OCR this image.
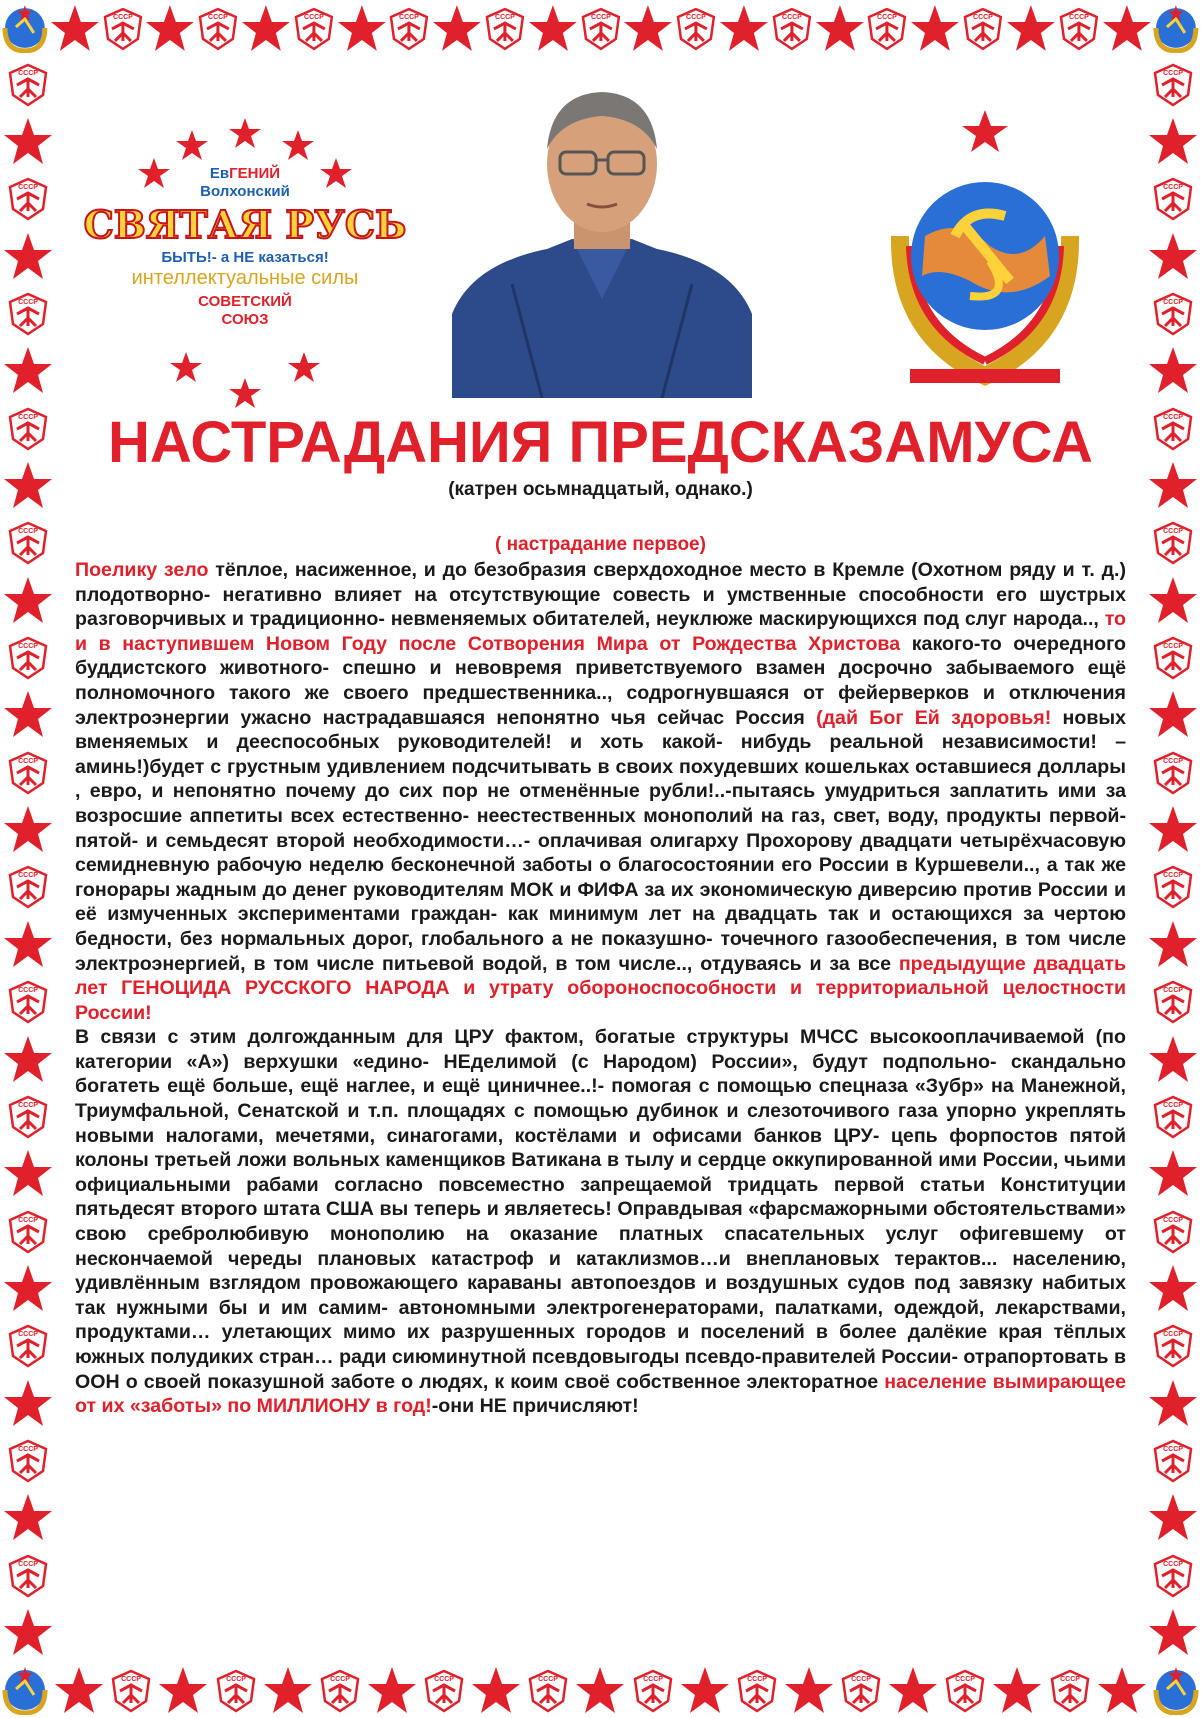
СССР	СССР	СССР	СССР	СССР	СССР	СССР	СССР	СССР	СССР	СССР
СССР	СССР	СССР	СССР	СССР	СССР	СССР	СССР	СССР	СССР
СССР
СССР
СССР
СССР
СССР
СССР
СССР
СССР
СССР
СССР
СССР
СССР
СССР
СССР
СССР
СССР
СССР
СССР
СССР
СССР
СССР
СССР
СССР
СССР
СССР
СССР
СССР
СССР
ЕвГЕНИЙ
Волхонский
СВЯТАЯ РУСЬ
БЫТЬ!- а НЕ казаться!
интеллектуальные силы
СОВЕТСКИЙ
СОЮЗ
НАСТРАДАНИЯ ПРЕДСКАЗАМУСА
(катрен осьмнадцатый, однако.)
( настрадание первое)

Поелику зело тёплое, насиженное, и до безобразия сверхдоходное место в Кремле (Охотном ряду и т. д.) плодотворно- негативно влияет на отсутствующие совесть и умственные способности его шустрых разговорчивых и традиционно- невменяемых обитателей, неуклюже маскирующихся под слуг народа.., то и в наступившем Новом Году после Сотворения Мира от Рождества Христова какого-то очередного буддистского животного- спешно и невовремя приветствуемого взамен досрочно забываемого ещё полномочного такого же своего предшественника.., содрогнувшаяся от фейерверков и отключения электроэнергии ужасно настрадавшаяся непонятно чья сейчас Россия (дай Бог Ей здоровья! новых вменяемых и дееспособных руководителей! и хоть какой- нибудь реальной независимости! – аминь!)будет с грустным удивлением подсчитывать в своих похудевших кошельках оставшиеся доллары , евро, и непонятно почему до сих пор не отменённые рубли!..-пытаясь умудриться заплатить ими за возросшие аппетиты всех естественно- неестественных монополий на газ, свет, воду, продукты первой- пятой- и семьдесят второй необходимости…- оплачивая олигарху Прохорову двадцати четырёхчасовую семидневную рабочую неделю бесконечной заботы о благосостоянии его России в Куршевели.., а так же гонорары жадным до денег руководителям МОК и ФИФА за их экономическую диверсию против России и её измученных экспериментами граждан- как минимум лет на двадцать так и остающихся за чертою бедности, без нормальных дорог, глобального а не показушно- точечного газообеспечения, в том числе электроэнергией, в том числе питьевой водой, в том числе.., отдуваясь и за все предыдущие двадцать лет ГЕНОЦИДА РУССКОГО НАРОДА и утрату обороноспособности и территориальной целостности России!

В связи с этим долгожданным для ЦРУ фактом, богатые структуры МЧСС высокооплачиваемой (по категории «А») верхушки «едино- НЕделимой (с Народом) России», будут подпольно- скандально богатеть ещё больше, ещё наглее, и ещё циничнее..!- помогая с помощью спецназа «Зубр» на Манежной, Триумфальной, Сенатской и т.п. площадях с помощью дубинок и слезоточивого газа упорно укреплять новыми налогами, мечетями, синагогами, костёлами и офисами банков ЦРУ- цепь форпостов пятой колоны третьей ложи вольных каменщиков Ватикана в тылу и сердце оккупированной ими России, чьими официальными рабами согласно повсеместно запрещаемой тридцать первой статьи Конституции пятьдесят второго штата США вы теперь и являетесь! Оправдывая «фарсмажорными обстоятельствами» свою сребролюбивую монополию на оказание платных спасательных услуг офигевшему от нескончаемой череды плановых катастроф и катаклизмов…и внеплановых терактов... населению, удивлённым взглядом провожающего караваны автопоездов и воздушных судов под завязку набитых так нужными бы и им самим- автономными электрогенераторами, палатками, одеждой, лекарствами, продуктами… улетающих мимо их разрушенных городов и поселений в более далёкие края тёплых южных полудиких стран… ради сиюминутной псевдовыгоды псевдо-правителей России- отрапортовать в ООН о своей показушной заботе о людях, к коим своё собственное электоратное население вымирающее от их «заботы» по МИЛЛИОНУ в год!-они НЕ причисляют!
